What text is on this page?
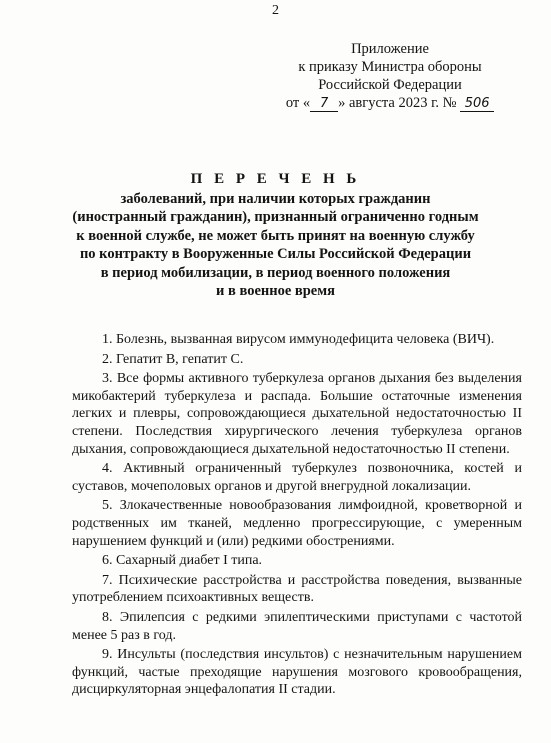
2
Приложение
к приказу Министра обороны
Российской Федерации
от « 7 » августа 2023 г. № 506
П Е Р Е Ч Е Н Ь
заболеваний, при наличии которых гражданин
(иностранный гражданин), признанный ограниченно годным
к военной службе, не может быть принят на военную службу
по контракту в Вооруженные Силы Российской Федерации
в период мобилизации, в период военного положения
и в военное время

1. Болезнь, вызванная вирусом иммунодефицита человека (ВИЧ).

2. Гепатит B, гепатит C.

3. Все формы активного туберкулеза органов дыхания без выделения микобактерий туберкулеза и распада. Большие остаточные изменения легких и плевры, сопровождающиеся дыхательной недостаточностью II степени. Последствия хирургического лечения туберкулеза органов дыхания, сопровождающиеся дыхательной недостаточностью II степени.

4. Активный ограниченный туберкулез позвоночника, костей и суставов, мочеполовых органов и другой внегрудной локализации.

5. Злокачественные новообразования лимфоидной, кроветворной и родственных им тканей, медленно прогрессирующие, с умеренным нарушением функций и (или) редкими обострениями.

6. Сахарный диабет I типа.

7. Психические расстройства и расстройства поведения, вызванные употреблением психоактивных веществ.

8. Эпилепсия с редкими эпилептическими приступами с частотой менее 5 раз в год.

9. Инсульты (последствия инсультов) с незначительным нарушением функций, частые преходящие нарушения мозгового кровообращения, дисциркуляторная энцефалопатия II стадии.
